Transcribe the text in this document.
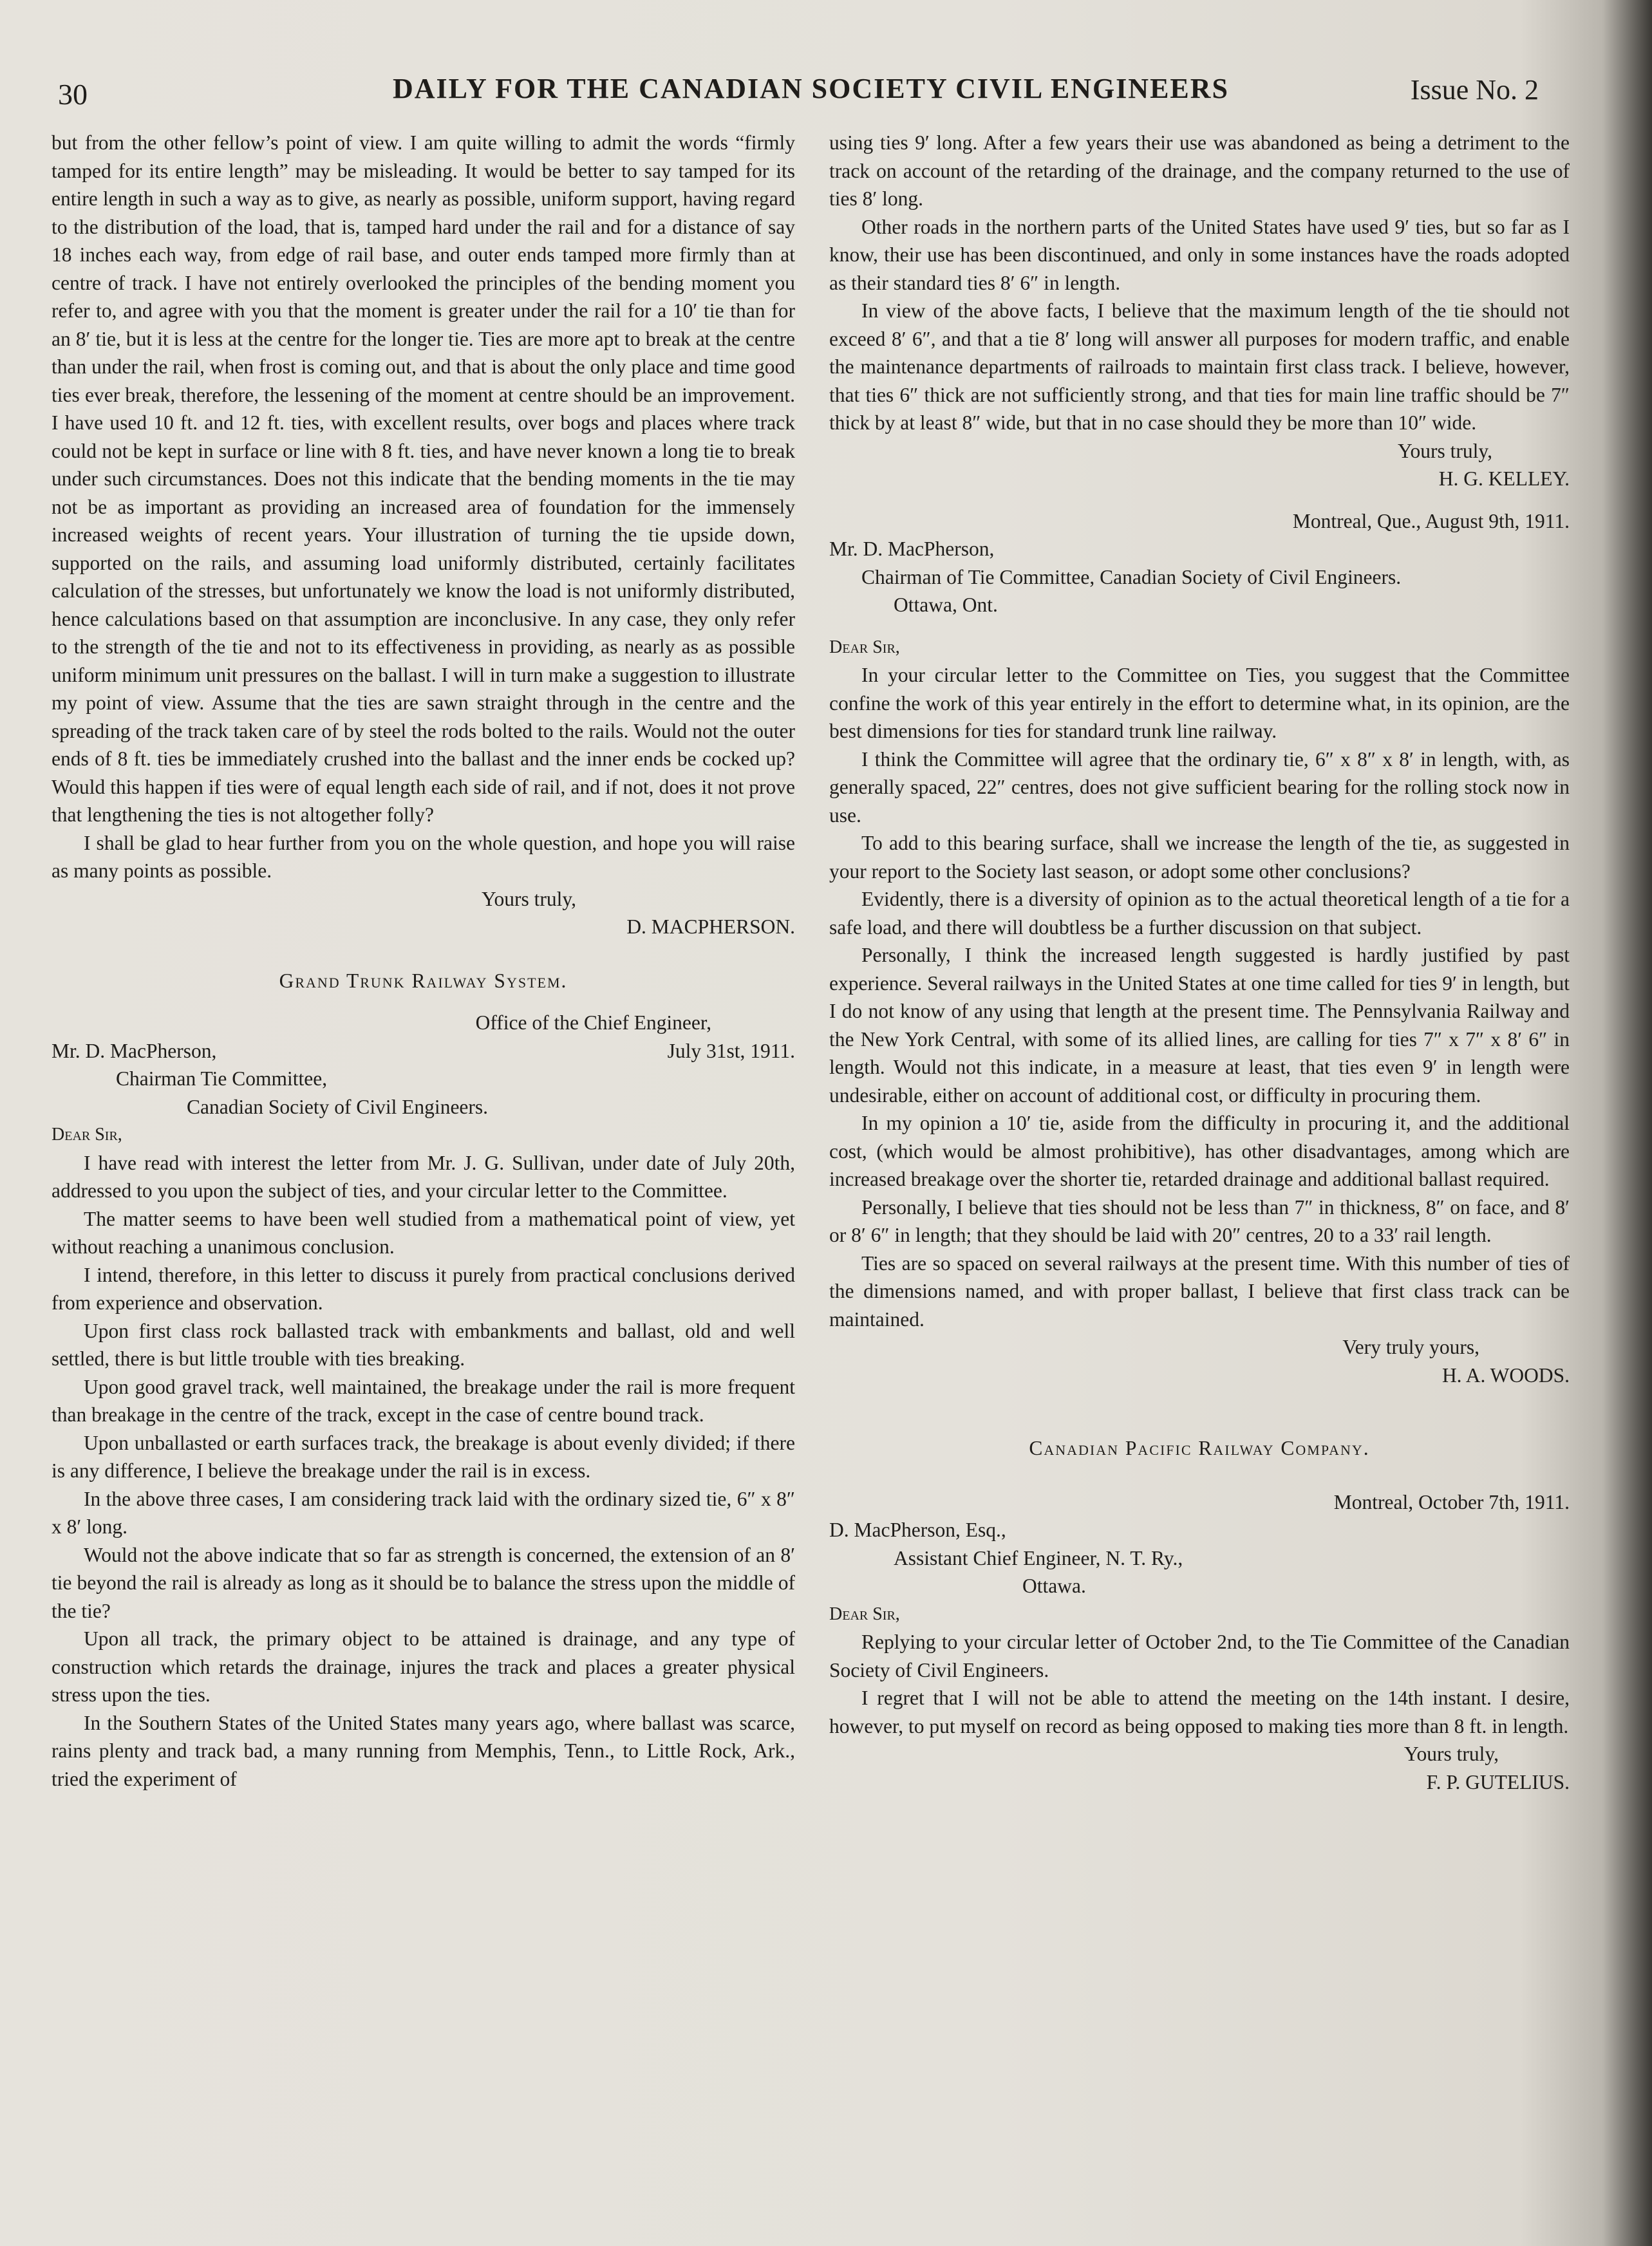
30	DAILY FOR THE CANADIAN SOCIETY CIVIL ENGINEERS	Issue No. 2

but from the other fellow’s point of view. I am quite willing to admit the words “firmly tamped for its entire length” may be misleading. It would be better to say tamped for its entire length in such a way as to give, as nearly as possible, uniform support, having regard to the distribution of the load, that is, tamped hard under the rail and for a distance of say 18 inches each way, from edge of rail base, and outer ends tamped more firmly than at centre of track. I have not entirely overlooked the principles of the bending moment you refer to, and agree with you that the moment is greater under the rail for a 10′ tie than for an 8′ tie, but it is less at the centre for the longer tie. Ties are more apt to break at the centre than under the rail, when frost is coming out, and that is about the only place and time good ties ever break, therefore, the lessening of the moment at centre should be an improvement. I have used 10 ft. and 12 ft. ties, with excellent results, over bogs and places where track could not be kept in surface or line with 8 ft. ties, and have never known a long tie to break under such circumstances. Does not this indicate that the bending moments in the tie may not be as important as providing an increased area of foundation for the immensely increased weights of recent years. Your illustration of turning the tie upside down, supported on the rails, and assuming load uniformly distributed, certainly facilitates calculation of the stresses, but unfortunately we know the load is not uniformly distributed, hence calculations based on that assumption are inconclusive. In any case, they only refer to the strength of the tie and not to its effectiveness in providing, as nearly as as possible uniform minimum unit pressures on the ballast. I will in turn make a suggestion to illustrate my point of view. Assume that the ties are sawn straight through in the centre and the spreading of the track taken care of by steel the rods bolted to the rails. Would not the outer ends of 8 ft. ties be immediately crushed into the ballast and the inner ends be cocked up? Would this happen if ties were of equal length each side of rail, and if not, does it not prove that lengthening the ties is not altogether folly?

I shall be glad to hear further from you on the whole question, and hope you will raise as many points as possible.

Yours truly,

D. MACPHERSON.

Grand Trunk Railway System.

Office of the Chief Engineer,

Mr. D. MacPherson,	July 31st, 1911.

Chairman Tie Committee,

Canadian Society of Civil Engineers.

Dear Sir,

I have read with interest the letter from Mr. J. G. Sullivan, under date of July 20th, addressed to you upon the subject of ties, and your circular letter to the Committee.

The matter seems to have been well studied from a mathematical point of view, yet without reaching a unanimous conclusion.

I intend, therefore, in this letter to discuss it purely from practical conclusions derived from experience and observation.

Upon first class rock ballasted track with embankments and ballast, old and well settled, there is but little trouble with ties breaking.

Upon good gravel track, well maintained, the breakage under the rail is more frequent than breakage in the centre of the track, except in the case of centre bound track.

Upon unballasted or earth surfaces track, the breakage is about evenly divided; if there is any difference, I believe the breakage under the rail is in excess.

In the above three cases, I am considering track laid with the ordinary sized tie, 6″ x 8″ x 8′ long.

Would not the above indicate that so far as strength is concerned, the extension of an 8′ tie beyond the rail is already as long as it should be to balance the stress upon the middle of the tie?

Upon all track, the primary object to be attained is drainage, and any type of construction which retards the drainage, injures the track and places a greater physical stress upon the ties.

In the Southern States of the United States many years ago, where ballast was scarce, rains plenty and track bad, a many running from Memphis, Tenn., to Little Rock, Ark., tried the experiment of

using ties 9′ long. After a few years their use was abandoned as being a detriment to the track on account of the retarding of the drainage, and the company returned to the use of ties 8′ long.

Other roads in the northern parts of the United States have used 9′ ties, but so far as I know, their use has been discontinued, and only in some instances have the roads adopted as their standard ties 8′ 6″ in length.

In view of the above facts, I believe that the maximum length of the tie should not exceed 8′ 6″, and that a tie 8′ long will answer all purposes for modern traffic, and enable the maintenance departments of railroads to maintain first class track. I believe, however, that ties 6″ thick are not sufficiently strong, and that ties for main line traffic should be 7″ thick by at least 8″ wide, but that in no case should they be more than 10″ wide.

Yours truly,

H. G. KELLEY.

Montreal, Que., August 9th, 1911.

Mr. D. MacPherson,

Chairman of Tie Committee, Canadian Society of Civil Engineers.

Ottawa, Ont.

Dear Sir,

In your circular letter to the Committee on Ties, you suggest that the Committee confine the work of this year entirely in the effort to determine what, in its opinion, are the best dimensions for ties for standard trunk line railway.

I think the Committee will agree that the ordinary tie, 6″ x 8″ x 8′ in length, with, as generally spaced, 22″ centres, does not give sufficient bearing for the rolling stock now in use.

To add to this bearing surface, shall we increase the length of the tie, as suggested in your report to the Society last season, or adopt some other conclusions?

Evidently, there is a diversity of opinion as to the actual theoretical length of a tie for a safe load, and there will doubtless be a further discussion on that subject.

Personally, I think the increased length suggested is hardly justified by past experience. Several railways in the United States at one time called for ties 9′ in length, but I do not know of any using that length at the present time. The Pennsylvania Railway and the New York Central, with some of its allied lines, are calling for ties 7″ x 7″ x 8′ 6″ in length. Would not this indicate, in a measure at least, that ties even 9′ in length were undesirable, either on account of additional cost, or difficulty in procuring them.

In my opinion a 10′ tie, aside from the difficulty in procuring it, and the additional cost, (which would be almost prohibitive), has other disadvantages, among which are increased breakage over the shorter tie, retarded drainage and additional ballast required.

Personally, I believe that ties should not be less than 7″ in thickness, 8″ on face, and 8′ or 8′ 6″ in length; that they should be laid with 20″ centres, 20 to a 33′ rail length.

Ties are so spaced on several railways at the present time. With this number of ties of the dimensions named, and with proper ballast, I believe that first class track can be maintained.

Very truly yours,

H. A. WOODS.

Canadian Pacific Railway Company.

Montreal, October 7th, 1911.

D. MacPherson, Esq.,

Assistant Chief Engineer, N. T. Ry.,

Ottawa.

Dear Sir,

Replying to your circular letter of October 2nd, to the Tie Committee of the Canadian Society of Civil Engineers.

I regret that I will not be able to attend the meeting on the 14th instant. I desire, however, to put myself on record as being opposed to making ties more than 8 ft. in length.

Yours truly,

F. P. GUTELIUS.
